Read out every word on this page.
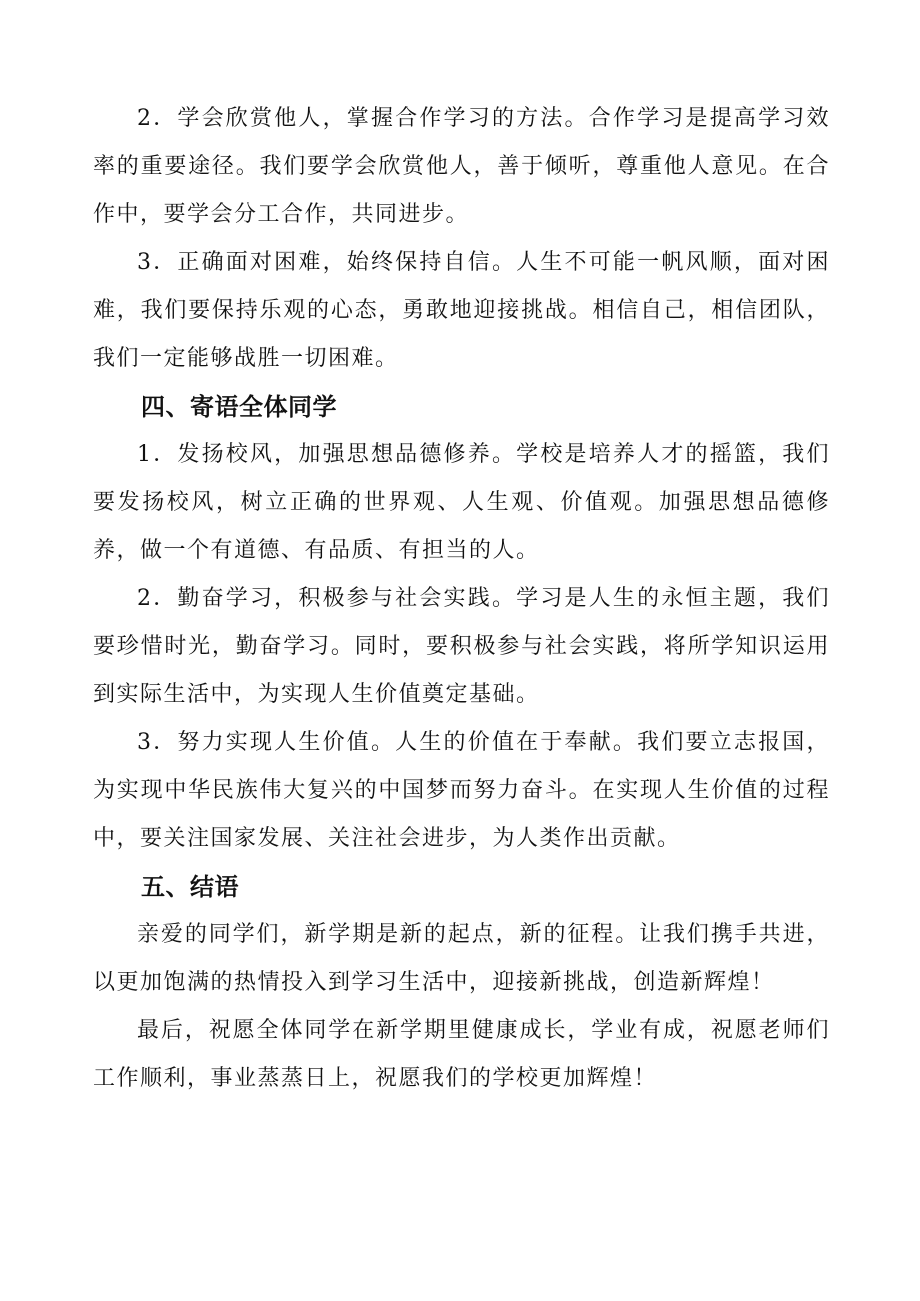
2．学会欣赏他人，掌握合作学习的方法。合作学习是提高学习效率的重要途径。我们要学会欣赏他人，善于倾听，尊重他人意见。在合作中，要学会分工合作，共同进步。

3．正确面对困难，始终保持自信。人生不可能一帆风顺，面对困难，我们要保持乐观的心态，勇敢地迎接挑战。相信自己，相信团队，我们一定能够战胜一切困难。

四、寄语全体同学

1．发扬校风，加强思想品德修养。学校是培养人才的摇篮，我们要发扬校风，树立正确的世界观、人生观、价值观。加强思想品德修养，做一个有道德、有品质、有担当的人。

2．勤奋学习，积极参与社会实践。学习是人生的永恒主题，我们要珍惜时光，勤奋学习。同时，要积极参与社会实践，将所学知识运用到实际生活中，为实现人生价值奠定基础。

3．努力实现人生价值。人生的价值在于奉献。我们要立志报国，为实现中华民族伟大复兴的中国梦而努力奋斗。在实现人生价值的过程中，要关注国家发展、关注社会进步，为人类作出贡献。

五、结语

亲爱的同学们，新学期是新的起点，新的征程。让我们携手共进，以更加饱满的热情投入到学习生活中，迎接新挑战，创造新辉煌！

最后，祝愿全体同学在新学期里健康成长，学业有成，祝愿老师们工作顺利，事业蒸蒸日上，祝愿我们的学校更加辉煌！
